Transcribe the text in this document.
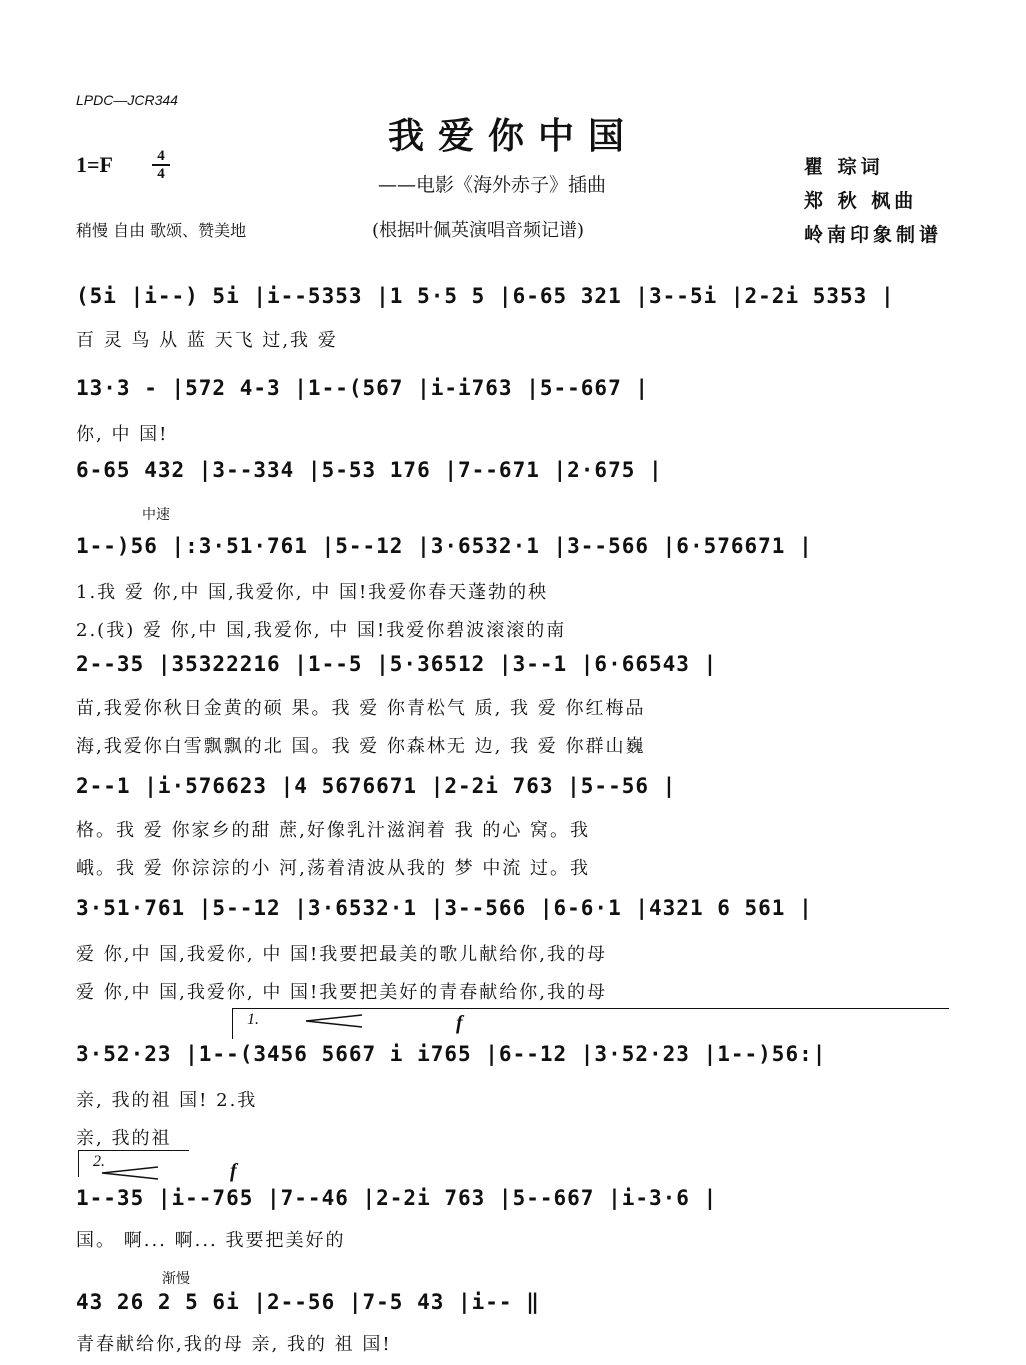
LPDC—JCR344
我爱你中国
1=F	4
4	——电影《海外赤子》插曲
稍慢 自由 歌颂、赞美地	(根据叶佩英演唱音频记谱)
瞿 琮词
郑 秋 枫曲
岭南印象制谱
(5i |i--) 5i |i--5353 |1 5·5 5 |6-65 321 |3--5i |2-2i 5353 |
百 灵 鸟 从 蓝 天飞 过,我 爱
13·3 - |572 4-3 |1--(567 |i-i763 |5--667 |
你, 中 国!
6-65 432 |3--334 |5-53 176 |7--671 |2·675 |
中速
1--)56 |:3·51·761 |5--12 |3·6532·1 |3--566 |6·576671 |
1.我 爱 你,中 国,我爱你, 中 国!我爱你春天蓬勃的秧
2.(我) 爱 你,中 国,我爱你, 中 国!我爱你碧波滚滚的南
2--35 |35322216 |1--5 |5·36512 |3--1 |6·66543 |
苗,我爱你秋日金黄的硕 果。我 爱 你青松气 质, 我 爱 你红梅品
海,我爱你白雪飘飘的北 国。我 爱 你森林无 边, 我 爱 你群山巍
2--1 |i·576623 |4 5676671 |2-2i 763 |5--56 |
格。我 爱 你家乡的甜 蔗,好像乳汁滋润着 我 的心 窝。我
峨。我 爱 你淙淙的小 河,荡着清波从我的 梦 中流 过。我
3·51·761 |5--12 |3·6532·1 |3--566 |6-6·1 |4321 6 561 |
爱 你,中 国,我爱你, 中 国!我要把最美的歌儿献给你,我的母
爱 你,中 国,我爱你, 中 国!我要把美好的青春献给你,我的母
1.	f
3·52·23 |1--(3456 5667 i i765 |6--12 |3·52·23 |1--)56:|
亲, 我的祖 国! 2.我
亲, 我的祖
2.	f
1--35 |i--765 |7--46 |2-2i 763 |5--667 |i-3·6 |
国。 啊... 啊... 我要把美好的
渐慢
43 26 2 5 6i |2--56 |7-5 43 |i-- ‖
青春献给你,我的母 亲, 我的 祖 国!
